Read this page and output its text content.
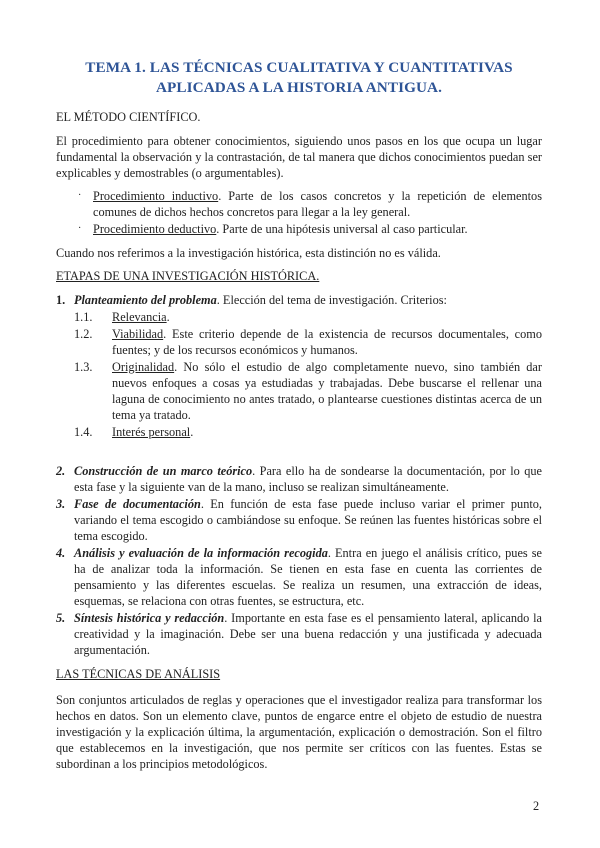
TEMA 1. LAS TÉCNICAS CUALITATIVA Y CUANTITATIVAS
APLICADAS A LA HISTORIA ANTIGUA.
EL MÉTODO CIENTÍFICO.

El procedimiento para obtener conocimientos, siguiendo unos pasos en los que ocupa un lugar fundamental la observación y la contrastación, de tal manera que dichos conocimientos puedan ser explicables y demostrables (o argumentables).

· Procedimiento inductivo. Parte de los casos concretos y la repetición de elementos comunes de dichos hechos concretos para llegar a la ley general.
· Procedimiento deductivo. Parte de una hipótesis universal al caso particular.

Cuando nos referimos a la investigación histórica, esta distinción no es válida.

ETAPAS DE UNA INVESTIGACIÓN HISTÓRICA.
1. Planteamiento del problema. Elección del tema de investigación. Criterios:
1.1. Relevancia.
1.2. Viabilidad. Este criterio depende de la existencia de recursos documentales, como fuentes; y de los recursos económicos y humanos.
1.3. Originalidad. No sólo el estudio de algo completamente nuevo, sino también dar nuevos enfoques a cosas ya estudiadas y trabajadas. Debe buscarse el rellenar una laguna de conocimiento no antes tratado, o plantearse cuestiones distintas acerca de un tema ya tratado.
1.4. Interés personal.
2. Construcción de un marco teórico. Para ello ha de sondearse la documentación, por lo que esta fase y la siguiente van de la mano, incluso se realizan simultáneamente.
3. Fase de documentación. En función de esta fase puede incluso variar el primer punto, variando el tema escogido o cambiándose su enfoque. Se reúnen las fuentes históricas sobre el tema escogido.
4. Análisis y evaluación de la información recogida. Entra en juego el análisis crítico, pues se ha de analizar toda la información. Se tienen en esta fase en cuenta las corrientes de pensamiento y las diferentes escuelas. Se realiza un resumen, una extracción de ideas, esquemas, se relaciona con otras fuentes, se estructura, etc.
5. Síntesis histórica y redacción. Importante en esta fase es el pensamiento lateral, aplicando la creatividad y la imaginación. Debe ser una buena redacción y una justificada y adecuada argumentación.
LAS TÉCNICAS DE ANÁLISIS

Son conjuntos articulados de reglas y operaciones que el investigador realiza para transformar los hechos en datos. Son un elemento clave, puntos de engarce entre el objeto de estudio de nuestra investigación y la explicación última, la argumentación, explicación o demostración. Son el filtro que establecemos en la investigación, que nos permite ser críticos con las fuentes. Estas se subordinan a los principios metodológicos.

2
